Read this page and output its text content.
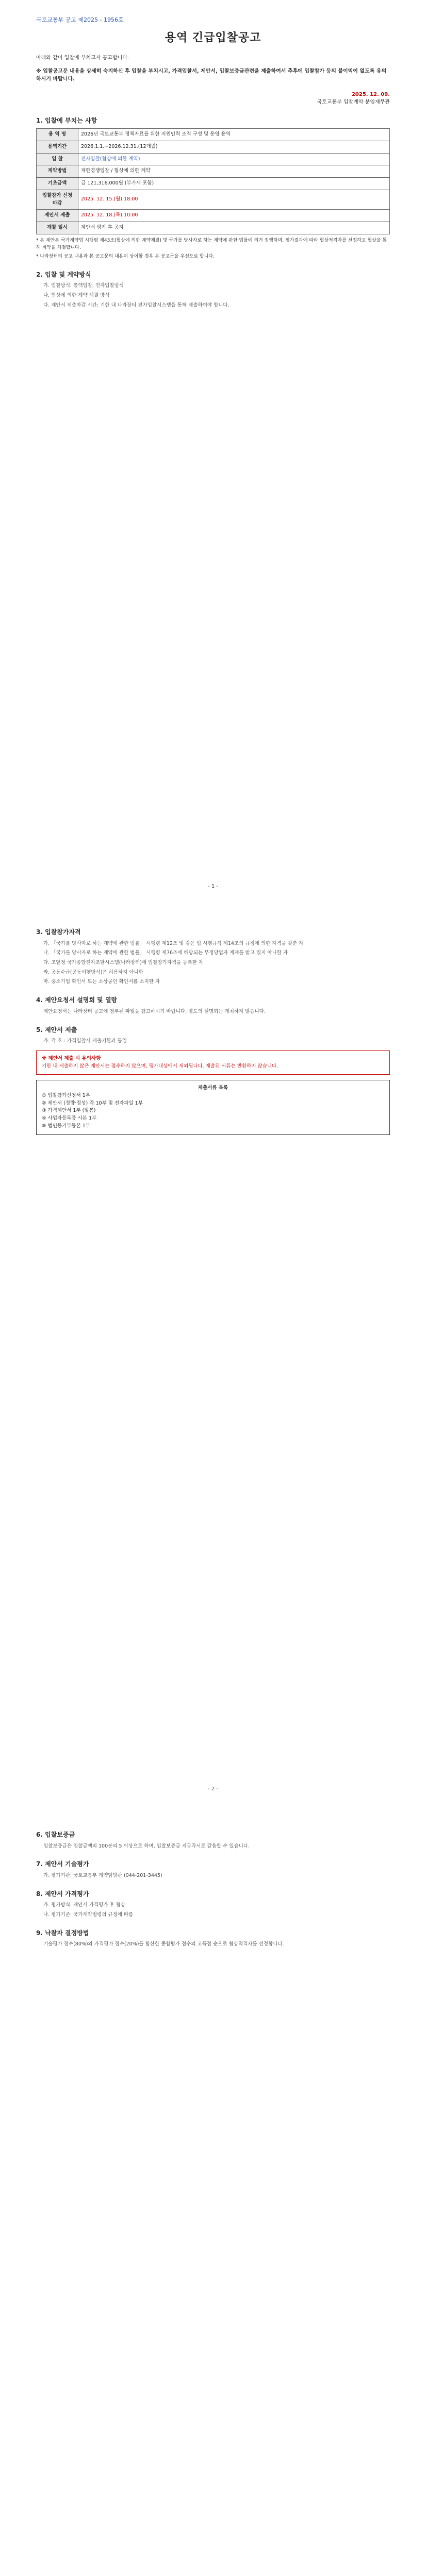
국토교통부 공고 제2025 - 1956호
용역 긴급입찰공고
아래와 같이 입찰에 부치고자 공고합니다.
※ 입찰공고문 내용을 상세히 숙지하신 후 입찰을 부치시고, 가격입찰서, 제안서, 입찰보증금관련을 제출하여서 추후에 입찰참가 등의 불이익이 없도록 유의하시기 바랍니다.
2025. 12. 09.
국토교통부 입찰계약 분임재무관
1. 입찰에 부치는 사항
용 역 명	2026년 국토교통부 정책자료를 위한 지원인력 조직 구성 및 운영 용역
용역기간	2026.1.1.~2026.12.31.(12개월)
입 찰	전자입찰(협상에 의한 계약)
계약방법	제한경쟁입찰 / 협상에 의한 계약
기초금액	금 121,316,000원 (부가세 포함)
입찰참가 신청 마감	2025. 12. 15.(월) 18:00
제안서 제출	2025. 12. 18.(목) 10:00
개찰 일시	제안서 평가 후 공지
* 본 제안은 국가계약법 시행령 제43조(협상에 의한 계약체결) 및 국가를 당사자로 하는 계약에 관한 법률에 의거 집행하며, 평가결과에 따라 협상적격자를 선정하고 협상을 통해 계약을 체결합니다.
* 나라장터의 공고 내용과 본 공고문의 내용이 상이할 경우 본 공고문을 우선으로 합니다.
2. 입찰 및 계약방식
가. 입찰방식: 총액입찰, 전자입찰방식
나. 협상에 의한 계약 체결 방식
다. 제안서 제출마감 시간: 기한 내 나라장터 전자입찰시스템을 통해 제출하여야 합니다.
- 1 -
3. 입찰참가자격
가. 「국가를 당사자로 하는 계약에 관한 법률」 시행령 제12조 및 같은 법 시행규칙 제14조의 규정에 의한 자격을 갖춘 자
나. 「국가를 당사자로 하는 계약에 관한 법률」 시행령 제76조에 해당되는 부정당업자 제재를 받고 있지 아니한 자
다. 조달청 국가종합전자조달시스템(나라장터)에 입찰참가자격을 등록한 자
라. 공동수급(공동이행방식)은 허용하지 아니함
마. 중소기업 확인서 또는 소상공인 확인서를 소지한 자
4. 제안요청서 설명회 및 열람
제안요청서는 나라장터 공고에 첨부된 파일을 참고하시기 바랍니다. 별도의 설명회는 개최하지 않습니다.
5. 제안서 제출
가. 각 호 : 가격입찰서 제출기한과 동일
※ 제안서 제출 시 유의사항
기한 내 제출하지 않은 제안서는 접수하지 않으며, 평가대상에서 제외됩니다. 제출된 서류는 반환하지 않습니다.
제출서류 목록
① 입찰참가신청서 1부
② 제안서 (정량·정성) 각 10부 및 전자파일 1부
③ 가격제안서 1부 (밀봉)
④ 사업자등록증 사본 1부
⑤ 법인등기부등본 1부
- 2 -
6. 입찰보증금
입찰보증금은 입찰금액의 100분의 5 이상으로 하며, 입찰보증금 지급각서로 갈음할 수 있습니다.
7. 제안서 기술평가
가. 평가기관: 국토교통부 계약담당관 (044-201-3445)
8. 제안서 가격평가
가. 평가방식: 제안서 가격평가 후 협상
나. 평가기준: 국가계약법령의 규정에 따름
9. 낙찰자 결정방법
기술평가 점수(80%)와 가격평가 점수(20%)를 합산한 종합평가 점수의 고득점 순으로 협상적격자를 선정합니다.
